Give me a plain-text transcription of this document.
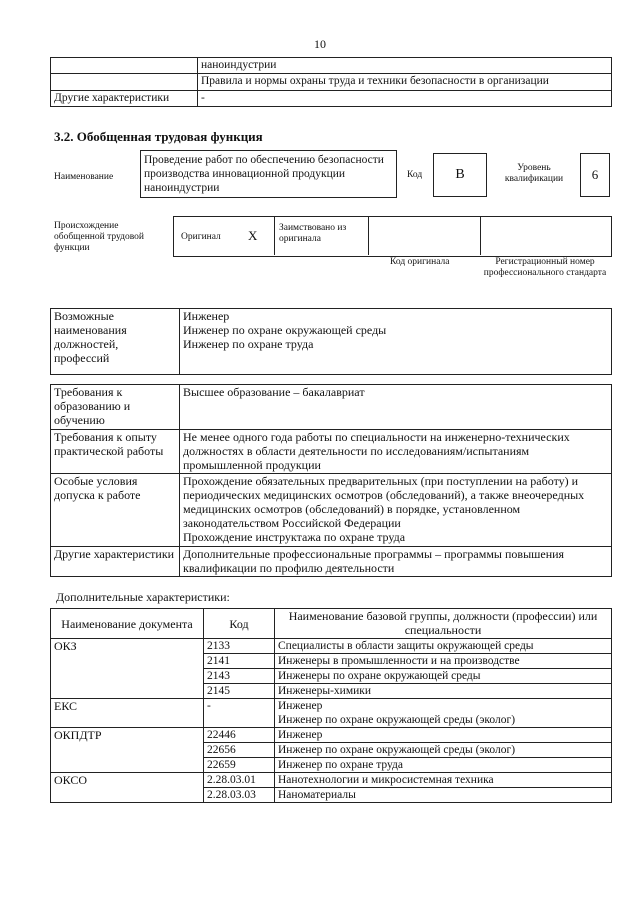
10
	наноиндустрии
	Правила и нормы охраны труда и техники безопасности в организации
Другие характеристики	-
3.2. Обобщенная трудовая функция
Наименование
Проведение работ по обеспечению безопасности производства инновационной продукции наноиндустрии
Код	B	Уровень квалификации	6
Происхождение обобщенной трудовой функции
Оригинал X Заимствовано из оригинала
Код оригинала	Регистрационный номер профессионального стандарта
Возможные наименования должностей, профессий	
Инженер
Инженер по охране окружающей среды
Инженер по охране труда
Требования к образованию и обучению	Высшее образование – бакалавриат
Требования к опыту практической работы	Не менее одного года работы по специальности на инженерно-технических должностях в области деятельности по исследованиям/испытаниям промышленной продукции
Особые условия допуска к работе	Прохождение обязательных предварительных (при поступлении на работу) и периодических медицинских осмотров (обследований), а также внеочередных медицинских осмотров (обследований) в порядке, установленном законодательством Российской Федерации
Прохождение инструктажа по охране труда

Другие характеристики	Дополнительные профессиональные программы – программы повышения квалификации по профилю деятельности
Дополнительные характеристики:
Наименование документа	Код	Наименование базовой группы, должности (профессии) или специальности
ОКЗ	2133	Специалисты в области защиты окружающей среды
	2141	Инженеры в промышленности и на производстве
	2143	Инженеры по охране окружающей среды
	2145	Инженеры-химики
ЕКС	-	Инженер
Инженер по охране окружающей среды (эколог)

ОКПДТР	22446	Инженер
	22656	Инженер по охране окружающей среды (эколог)
	22659	Инженер по охране труда
ОКСО	2.28.03.01	Нанотехнологии и микросистемная техника
	2.28.03.03	Наноматериалы
